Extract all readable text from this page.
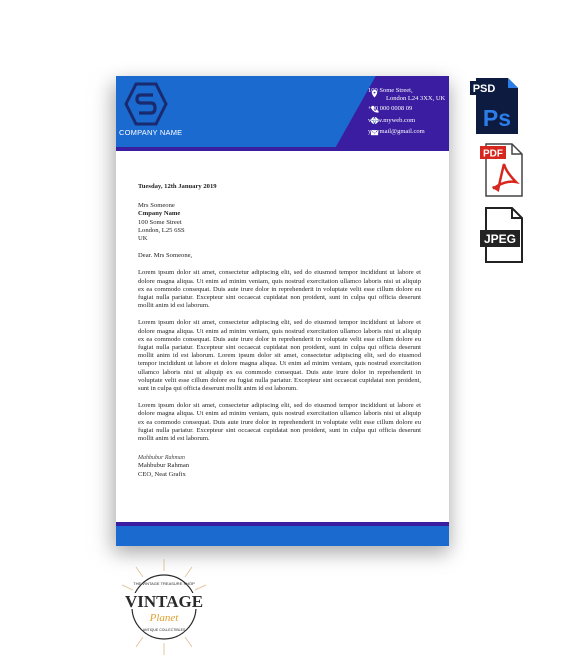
COMPANY NAME
100 Some Street,
London L24 3XX, UK
+00 000 0008 09
www.myweb.com
ymymail@gmail.com
Tuesday, 12th January 2019
Mrs Someone
Cmpany Name
100 Some Street
London, L25 6SS
UK
Dear. Mrs Someone,
Lorem ipsum dolor sit amet, consectetur adipiscing elit, sed do eiusmod tempor incididunt ut labore et dolore magna aliqua. Ut enim ad minim veniam, quis nostrud exercitation ullamco laboris nisi ut aliquip ex ea commodo consequat. Duis aute irure dolor in reprehenderit in voluptate velit esse cillum dolore eu fugiat nulla pariatur. Excepteur sint occaecat cupidatat non proident, sunt in culpa qui officia deserunt mollit anim id est laborum.
Lorem ipsum dolor sit amet, consectetur adipiscing elit, sed do eiusmod tempor incididunt ut labore et dolore magna aliqua. Ut enim ad minim veniam, quis nostrud exercitation ullamco laboris nisi ut aliquip ex ea commodo consequat. Duis aute irure dolor in reprehenderit in voluptate velit esse cillum dolore eu fugiat nulla pariatur. Excepteur sint occaecat cupidatat non proident, sunt in culpa qui officia deserunt mollit anim id est laborum. Lorem ipsum dolor sit amet, consectetur adipiscing elit, sed do eiusmod tempor incididunt ut labore et dolore magna aliqua. Ut enim ad minim veniam, quis nostrud exercitation ullamco laboris nisi ut aliquip ex ea commodo consequat. Duis aute irure dolor in reprehenderit in voluptate velit esse cillum dolore eu fugiat nulla pariatur. Excepteur sint occaecat cupidatat non proident, sunt in culpa qui officia deserunt mollit anim id est laborum.
Lorem ipsum dolor sit amet, consectetur adipiscing elit, sed do eiusmod tempor incididunt ut labore et dolore magna aliqua. Ut enim ad minim veniam, quis nostrud exercitation ullamco laboris nisi ut aliquip ex ea commodo consequat. Duis aute irure dolor in reprehenderit in voluptate velit esse cillum dolore eu fugiat nulla pariatur. Excepteur sint occaecat cupidatat non proident, sunt in culpa qui officia deserunt mollit anim id est laborum.
Mahbubur Rahman
Mahbubur Rahman
CEO, Neat Grafix
PSD
Ps
PDF
JPEG
THE VINTAGE TREASURE SHOP
VINTAGE
Planet
ANTIQUE COLLECTIBLES
